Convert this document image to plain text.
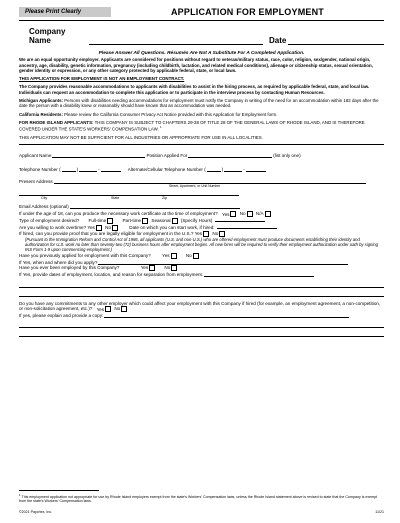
Please Print Clearly	APPLICATION FOR EMPLOYMENT
Company Name	Date

Please Answer All Questions. Résumés Are Not A Substitute For A Completed Application.

We are an equal opportunity employer. Applicants are considered for positions without regard to veteran/military status, race, color, religion, sex/gender, national origin, ancestry, age, disability, genetic information, pregnancy (including childbirth, lactation, and related medical conditions), alienage or citizenship status, sexual orientation, gender identity or expression, or any other category protected by applicable federal, state, or local laws.

THIS APPLICATION FOR EMPLOYMENT IS NOT AN EMPLOYMENT CONTRACT.

The Company provides reasonable accommodations to applicants with disabilities to assist in the hiring process, as required by applicable federal, state, and local law. Individuals can request an accommodation to complete this application or to participate in the interview process by contacting Human Resources.

Michigan Applicants: Persons with disabilities needing accommodations for employment must notify the Company in writing of the need for an accommodation within 182 days after the date the person with a disability knew or reasonably should have known that an accommodation was needed.

California Residents: Please review the California Consumer Privacy Act Notice provided with this Application for Employment form.

FOR RHODE ISLAND APPLICANTS: THIS COMPANY IS SUBJECT TO CHAPTERS 29-38 OF TITLE 28 OF THE GENERAL LAWS OF RHODE ISLAND, AND IS THEREFORE COVERED UNDER THE STATE'S WORKERS' COMPENSATION LAW. $^1$

THIS APPLICATION MAY NOT BE SUFFICIENT FOR ALL INDUSTRIES OR APPROPRIATE FOR USE IN ALL LOCALITIES.

Applicant Name	Position Applied For	(list only one)
Telephone Number (	)	-	Alternate/Cellular Telephone Number (	)	-
Present Address
Street, Apartment, or Unit Number
City	State	Zip
Email Address (optional)
If under the age of 18, can you produce the necessary work certificate at the time of employment? Yes No N/A
Type of employment desired? Full-time	Part-time Seasonal (Specify Hours)
Are you willing to work overtime? Yes No	Date on which you can start work, if hired:
If hired, can you provide proof that you are legally eligible for employment in the U.S.? Yes No
(Pursuant to the Immigration Reform and Control Act of 1986, all applicants (U.S. and non-U.S.) who are offered employment must produce documents establishing their identity and authorization for U.S. work no later than seventy-two (72) business hours after employment begins. All new hires will be required to verify their employment authorization under oath by signing INS Form 1-9 upon commencing employment.)
Have you previously applied for employment with this Company? Yes	No
If Yes, when and where did you apply?
Have you ever been employed by this Company?	Yes	No
If Yes, provide dates of employment, location, and reason for separation from employment.
Do you have any commitments to any other employer which could affect your employment with this Company if hired (for example, an employment agreement, a non-competition, or non-solicitation agreement, etc.)? Yes No
If yes, please explain and provide a copy:
$^1$ This employment application not appropriate for use by Rhode Island employers exempt from the state's Workers' Compensation laws, unless the Rhode Island statement above is revised to state that the Company is exempt from the state's Workers' Compensation laws.
©2021 Paychex, Inc.	11/21
